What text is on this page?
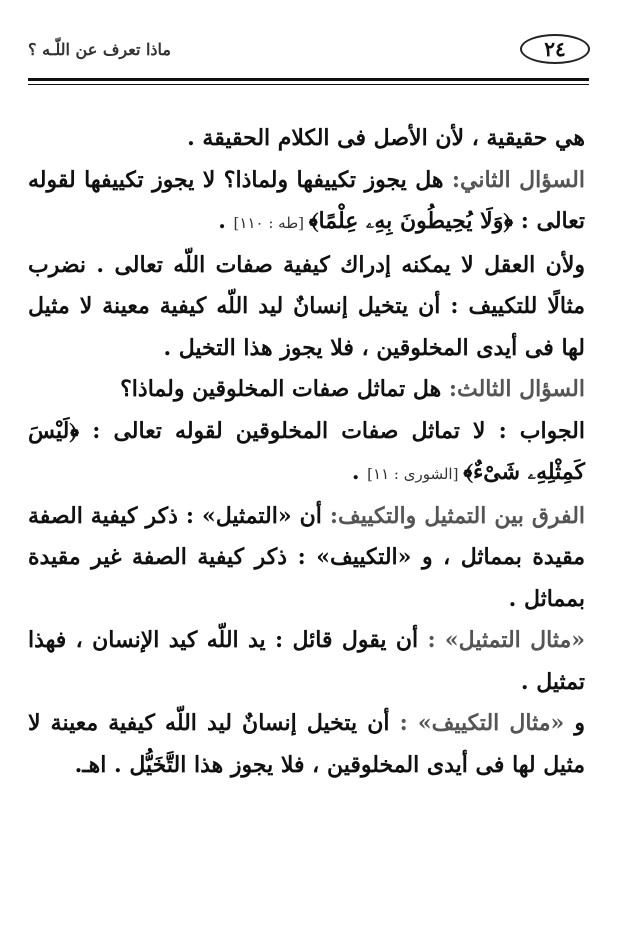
٢٤
ماذا تعرف عن اللّـه ؟

هي حقيقية ، لأن الأصل فى الكلام الحقيقة .

السؤال الثاني: هل يجوز تكييفها ولماذا؟ لا يجوز تكييفها لقوله تعالى : ﴿وَلَا يُحِيطُونَ بِهِۦ عِلْمًا﴾ [طه : ١١٠] .

ولأن العقل لا يمكنه إدراك كيفية صفات اللّه تعالى . نضرب مثالًا للتكييف : أن يتخيل إنسانٌ ليد اللّه كيفية معينة لا مثيل لها فى أيدى المخلوقين ، فلا يجوز هذا التخيل .

السؤال الثالث: هل تماثل صفات المخلوقين ولماذا؟

الجواب : لا تماثل صفات المخلوقين لقوله تعالى : ﴿لَيْسَ كَمِثْلِهِۦ شَىْءٌ﴾ [الشورى : ١١] .

الفرق بين التمثيل والتكييف: أن «التمثيل» : ذكر كيفية الصفة مقيدة بمماثل ، و «التكييف» : ذكر كيفية الصفة غير مقيدة بمماثل .

«مثال التمثيل» : أن يقول قائل : يد اللّه كيد الإنسان ، فهذا تمثيل .

و «مثال التكييف» : أن يتخيل إنسانٌ ليد اللّه كيفية معينة لا مثيل لها فى أيدى المخلوقين ، فلا يجوز هذا التَّخَيُّل . اهـ.
